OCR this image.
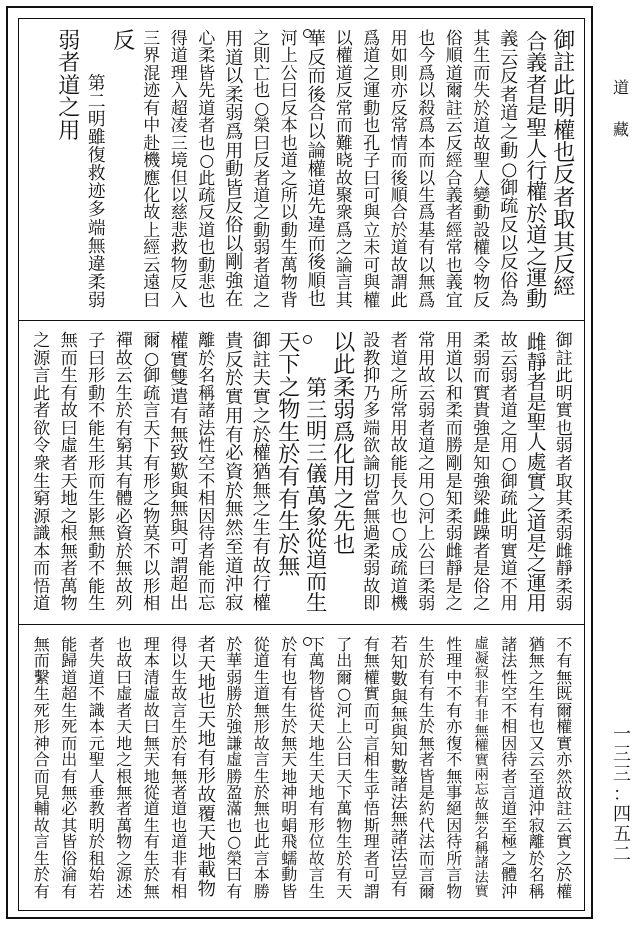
御
註
此
明
權
也
反
者
取
其
反
經
合
義
者
是
聖
人
行
權
於
道
之
運
動
義
云
反
者
道
之
動
○
御
疏
反
以
反
俗
為
其
生
而
失
於
道
故
聖
人
變
動
設
權
令
物
反
俗
順
道
爾
註
云
反
經
合
義
者
經
常
也
義
宜
也
今
爲
以
殺
爲
本
而
以
生
爲
基
有
以
無
爲
用
如
則
亦
反
常
情
而
後
順
合
於
道
故
謂
此
爲
道
之
運
動
也
孔
子
曰
可
與
立
未
可
與
權
以
權
道
反
常
而
難
晓
故
聚
衆
爲
之
論
言
其
華
反
而
後
合
以
論
權
道
先
違
而
後
順
也
河
上
公
曰
反
本
也
道
之
所
以
動
生
萬
物
背
之
則
亡
也
○
榮
曰
反
者
道
之
動
弱
者
道
之
用
道
以
柔
弱
爲
用
動
皆
反
俗
以
剛
強
在
心
柔
皆
先
道
者
也
○
此
疏
反
道
也
動
悲
也
得
道
理
入
超
凌
三
境
但
以
慈
悲
救
物
反
入
三
界
混
迹
有
中
赴
機
應
化
故
上
經
云
遠
曰
反
第
二
明
雖
復
救
迹
多
端
無
違
柔
弱
弱
者
道
之
用
御
註
此
明
實
也
弱
者
取
其
柔
弱
雌
靜
柔
弱
雌
靜
者
是
聖
人
處
實
之
道
是
之
運
用
故
云
弱
者
道
之
用
○
御
疏
此
明
實
道
不
用
柔
弱
而
實
貴
強
是
知
強
梁
雌
躁
者
是
俗
之
用
道
以
和
柔
而
勝
剛
是
知
柔
弱
雌
靜
是
之
常
用
故
云
弱
者
道
之
用
○
河
上
公
曰
柔
弱
者
道
之
所
常
用
故
能
長
久
也
○
成
疏
道
機
設
教
抑
乃
多
端
欲
論
切
當
無
過
柔
弱
故
即
以
此
柔
弱
爲
化
用
之
先
也
第
三
明
三
儀
萬
象
從
道
而
生
天
下
之
物
生
於
有
有
生
於
無
御
註
夫
實
之
於
權
猶
無
之
生
有
故
行
權
貴
反
於
實
用
有
必
資
於
無
然
至
道
沖
寂
離
於
名
稱
諸
法
性
空
不
相
因
待
者
能
而
忘
權
實
雙
遣
有
無
致
歎
與
無
與
可
謂
超
出
爾
○
御
疏
言
天
下
有
形
之
物
莫
不
以
形
相
禪
故
云
生
於
有
窮
其
有
體
必
資
於
無
故
列
子
曰
形
動
不
能
生
形
而
生
影
無
動
不
能
生
無
而
生
有
故
曰
虛
者
天
地
之
根
無
者
萬
物
之
源
言
此
者
欲
令
衆
生
窮
源
識
本
而
悟
道
不
有
無
既
爾
權
實
亦
然
故
註
云
實
之
於
權
猶
無
之
生
有
也
又
云
至
道
沖
寂
離
於
名
稱
諸
法
性
空
不
相
因
待
者
言
道
至
極
之
體
沖
虛
凝
寂
非
有
非
無
權
實
兩
忘
故
無
名
稱
諸
法
實
性
理
中
不
有
亦
復
不
無
事
絕
因
待
所
言
物
生
於
有
有
生
於
無
者
皆
是
約
代
法
而
言
爾
若
知
數
與
無
與
知
數
諸
法
無
諸
法
豈
有
有
無
權
實
而
可
言
相
生
乎
悟
斯
理
者
可
謂
了
出
爾
○
河
上
公
曰
天
下
萬
物
生
於
有
天
下
萬
物
皆
從
天
地
生
天
地
有
形
位
故
言
生
於
有
也
有
生
於
無
天
地
神
明
蜎
飛
蠕
動
皆
從
道
生
道
無
形
故
言
生
於
無
也
此
言
本
勝
於
華
弱
勝
於
強
謙
虛
勝
盈
滿
也
○
榮
曰
有
者
天
地
也
天
地
有
形
故
覆
天
地
載
物
得
以
生
故
言
生
於
有
無
者
道
也
道
非
有
相
理
本
清
虛
故
曰
無
天
地
從
道
生
有
生
於
無
也
故
曰
虛
者
天
地
之
根
無
者
萬
物
之
源
述
者
失
道
不
識
本
元
聖
人
垂
教
明
於
租
始
若
能
歸
道
超
生
死
而
出
有
無
必
其
皆
俗
淪
有
無
而
繫
生
死
形
神
合
而
見
輔
故
言
生
於
有
道
藏
一
三
三
：
四
五
二
